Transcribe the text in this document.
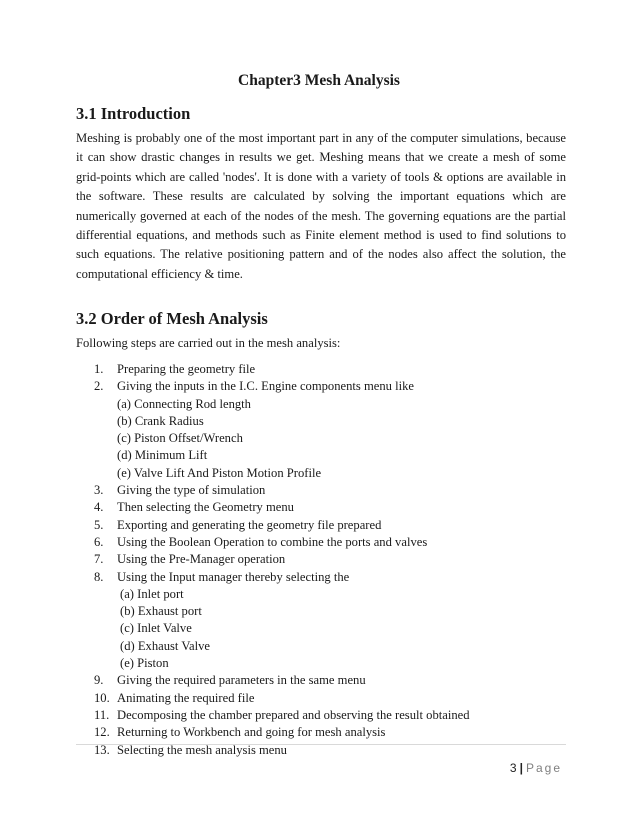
Chapter3 Mesh Analysis
3.1 Introduction

Meshing is probably one of the most important part in any of the computer simulations, because it can show drastic changes in results we get. Meshing means that we create a mesh of some grid-points which are called 'nodes'. It is done with a variety of tools & options are available in the software. These results are calculated by solving the important equations which are numerically governed at each of the nodes of the mesh. The governing equations are the partial differential equations, and methods such as Finite element method is used to find solutions to such equations. The relative positioning pattern and of the nodes also affect the solution, the computational efficiency & time.

3.2 Order of Mesh Analysis
Following steps are carried out in the mesh analysis:
1. Preparing the geometry file
2. Giving the inputs in the I.C. Engine components menu like
(a) Connecting Rod length
(b) Crank Radius
(c) Piston Offset/Wrench
(d) Minimum Lift
(e) Valve Lift And Piston Motion Profile
3. Giving the type of simulation
4. Then selecting the Geometry menu
5. Exporting and generating the geometry file prepared
6. Using the Boolean Operation to combine the ports and valves
7. Using the Pre-Manager operation
8. Using the Input manager thereby selecting the
(a) Inlet port
(b) Exhaust port
(c) Inlet Valve
(d) Exhaust Valve
(e) Piston
9. Giving the required parameters in the same menu
10. Animating the required file
11. Decomposing the chamber prepared and observing the result obtained
12. Returning to Workbench and going for mesh analysis
13. Selecting the mesh analysis menu
3 | Page
